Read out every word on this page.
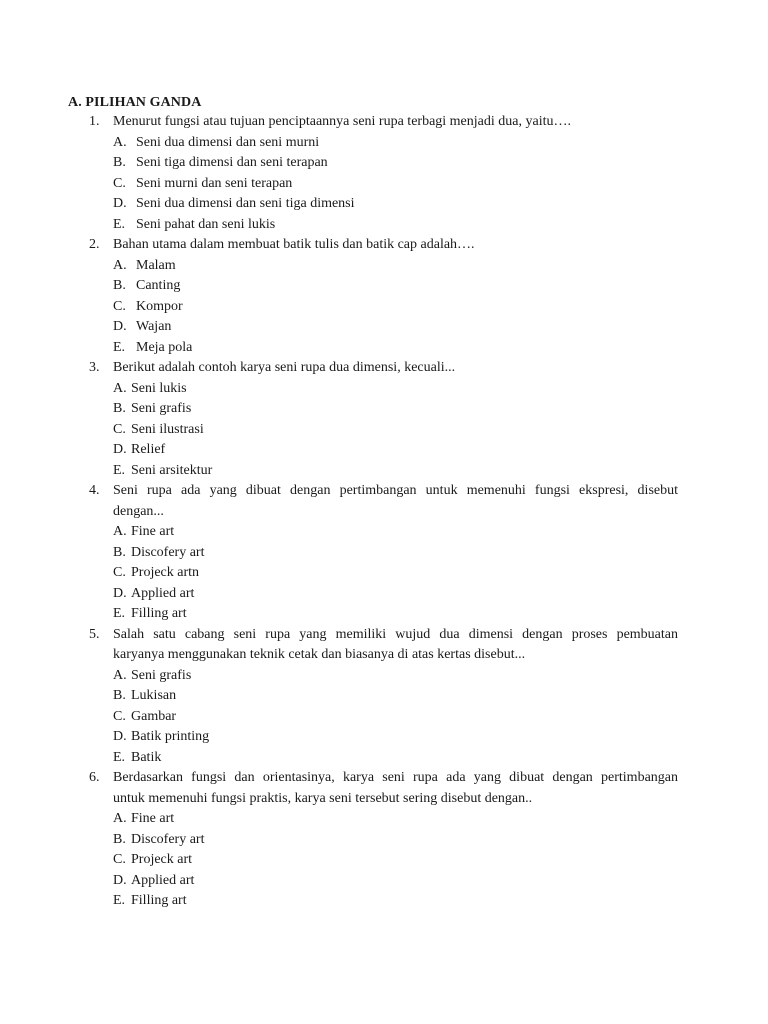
A. PILIHAN GANDA
1. Menurut fungsi atau tujuan penciptaannya seni rupa terbagi menjadi dua, yaitu….
A. Seni dua dimensi dan seni murni
B. Seni tiga dimensi dan seni terapan
C. Seni murni dan seni terapan
D. Seni dua dimensi dan seni tiga dimensi
E. Seni pahat dan seni lukis
2. Bahan utama dalam membuat batik tulis dan batik cap adalah….
A. Malam
B. Canting
C. Kompor
D. Wajan
E. Meja pola
3. Berikut adalah contoh karya seni rupa dua dimensi, kecuali...
A. Seni lukis
B. Seni grafis
C. Seni ilustrasi
D. Relief
E. Seni arsitektur
4. Seni rupa ada yang dibuat dengan pertimbangan untuk memenuhi fungsi ekspresi, disebut
dengan...
A. Fine art
B. Discofery art
C. Projeck artn
D. Applied art
E. Filling art
5. Salah satu cabang seni rupa yang memiliki wujud dua dimensi dengan proses pembuatan
karyanya menggunakan teknik cetak dan biasanya di atas kertas disebut...
A. Seni grafis
B. Lukisan
C. Gambar
D. Batik printing
E. Batik
6. Berdasarkan fungsi dan orientasinya, karya seni rupa ada yang dibuat dengan pertimbangan
untuk memenuhi fungsi praktis, karya seni tersebut sering disebut dengan..
A. Fine art
B. Discofery art
C. Projeck art
D. Applied art
E. Filling art
